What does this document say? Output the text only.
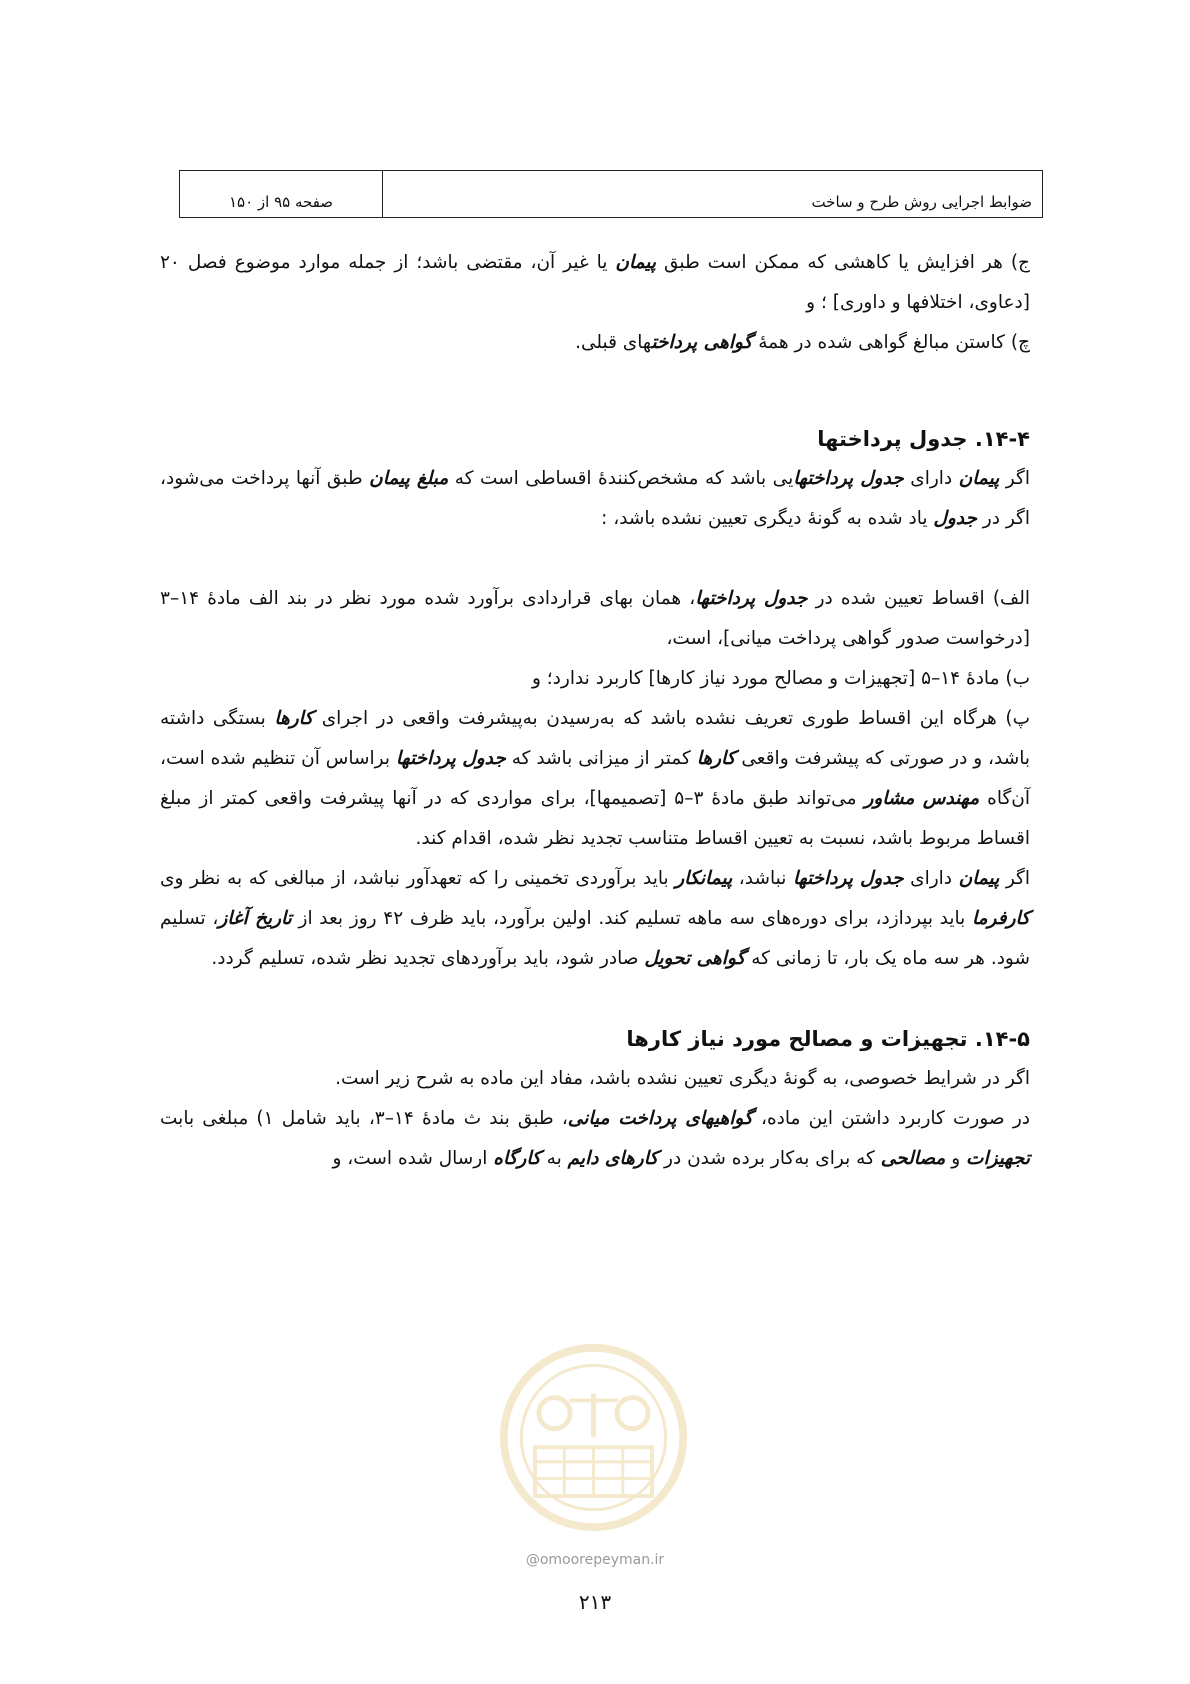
صفحه ۹۵ از ۱۵۰	ضوابط اجرایی روش طرح و ساخت

ج) هر افزایش یا کاهشی که ممکن است طبق پیمان یا غیر آن، مقتضی باشد؛ از جمله موارد موضوع فصل ۲۰ [دعاوی، اختلافها و داوری] ؛ و

چ) کاستن مبالغ گواهی شده در همهٔ گواهی پرداختهای قبلی.

۱۴-۴. جدول پرداختها

اگر پیمان دارای جدول پرداختهایی باشد که مشخص‌کنندهٔ اقساطی است که مبلغ پیمان طبق آنها پرداخت می‌شود، اگر در جدول یاد شده به گونهٔ دیگری تعیین نشده باشد، :

الف) اقساط تعیین شده در جدول پرداختها، همان بهای قراردادی برآورد شده مورد نظر در بند الف مادهٔ ۱۴–۳ [درخواست صدور گواهی پرداخت میانی]، است،

ب) مادهٔ ۱۴–۵ [تجهیزات و مصالح مورد نیاز کارها] کاربرد ندارد؛ و

پ) هرگاه این اقساط طوری تعریف نشده باشد که به‌رسیدن به‌پیشرفت واقعی در اجرای کارها بستگی داشته باشد، و در صورتی که پیشرفت واقعی کارها کمتر از میزانی باشد که جدول پرداختها براساس آن تنظیم شده است، آن‌گاه مهندس مشاور می‌تواند طبق مادهٔ ۳–۵ [تصمیمها]، برای مواردی که در آنها پیشرفت واقعی کمتر از مبلغ اقساط مربوط باشد، نسبت به تعیین اقساط متناسب تجدید نظر شده، اقدام کند.

اگر پیمان دارای جدول پرداختها نباشد، پیمانکار باید برآوردی تخمینی را که تعهدآور نباشد، از مبالغی که به نظر وی کارفرما باید بپردازد، برای دوره‌های سه ماهه تسلیم کند. اولین برآورد، باید ظرف ۴۲ روز بعد از تاریخ آغاز، تسلیم شود. هر سه ماه یک بار، تا زمانی که گواهی تحویل صادر شود، باید برآوردهای تجدید نظر شده، تسلیم گردد.

۱۴-۵. تجهیزات و مصالح مورد نیاز کارها

اگر در شرایط خصوصی، به گونهٔ دیگری تعیین نشده باشد، مفاد این ماده به شرح زیر است.

در صورت کاربرد داشتن این ماده، گواهیهای پرداخت میانی، طبق بند ث مادهٔ ۱۴–۳، باید شامل ۱) مبلغی بابت تجهیزات و مصالحی که برای به‌کار برده شدن در کارهای دایم به کارگاه ارسال شده است، و

@omoorepeyman.ir
۲۱۳
